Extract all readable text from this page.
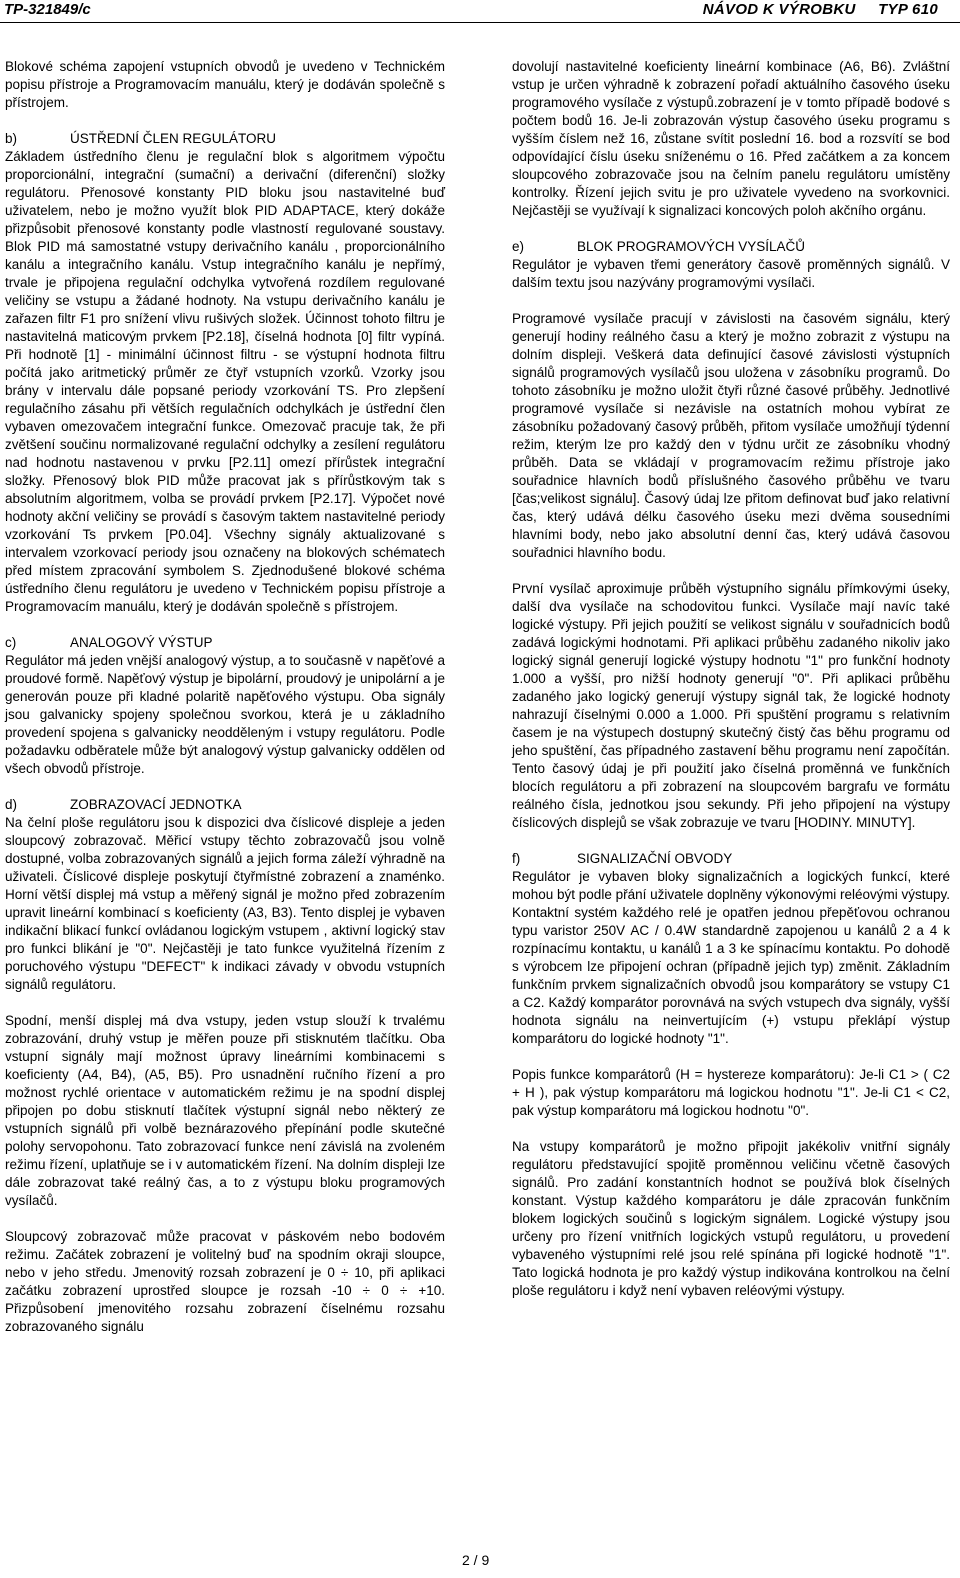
TP-321849/c	NÁVOD K VÝROBKU TYP 610

Blokové schéma zapojení vstupních obvodů je uvedeno v Technickém popisu přístroje a Programovacím manuálu, který je dodáván společně s přístrojem.

b)	ÚSTŘEDNÍ ČLEN REGULÁTORU

Základem ústředního členu je regulační blok s algoritmem výpočtu proporcionální, integrační (sumační) a derivační (diferenční) složky regulátoru. Přenosové konstanty PID bloku jsou nastavitelné buď uživatelem, nebo je možno využít blok PID ADAPTACE, který dokáže přizpůsobit přenosové konstanty podle vlastností regulované soustavy. Blok PID má samostatné vstupy derivačního kanálu , proporcionálního kanálu a integračního kanálu. Vstup integračního kanálu je nepřímý, trvale je připojena regulační odchylka vytvořená rozdílem regulované veličiny se vstupu a žádané hodnoty. Na vstupu derivačního kanálu je zařazen filtr F1 pro snížení vlivu rušivých složek. Účinnost tohoto filtru je nastavitelná maticovým prvkem [P2.18], číselná hodnota [0] filtr vypíná. Při hodnotě [1] - minimální účinnost filtru - se výstupní hodnota filtru počítá jako aritmetický průměr ze čtyř vstupních vzorků. Vzorky jsou brány v intervalu dále popsané periody vzorkování TS. Pro zlepšení regulačního zásahu při větších regulačních odchylkách je ústřední člen vybaven omezovačem integrační funkce. Omezovač pracuje tak, že při zvětšení součinu normalizované regulační odchylky a zesílení regulátoru nad hodnotu nastavenou v prvku [P2.11] omezí přírůstek integrační složky. Přenosový blok PID může pracovat jak s přírůstkovým tak s absolutním algoritmem, volba se provádí prvkem [P2.17]. Výpočet nové hodnoty akční veličiny se provádí s časovým taktem nastavitelné periody vzorkování Ts prvkem [P0.04]. Všechny signály aktualizované s intervalem vzorkovací periody jsou označeny na blokových schématech před místem zpracování symbolem S. Zjednodušené blokové schéma ústředního členu regulátoru je uvedeno v Technickém popisu přístroje a Programovacím manuálu, který je dodáván společně s přístrojem.

c)	ANALOGOVÝ VÝSTUP

Regulátor má jeden vnější analogový výstup, a to současně v napěťové a proudové formě. Napěťový výstup je bipolární, proudový je unipolární a je generován pouze při kladné polaritě napěťového výstupu. Oba signály jsou galvanicky spojeny společnou svorkou, která je u základního provedení spojena s galvanicky neodděleným i vstupy regulátoru. Podle požadavku odběratele může být analogový výstup galvanicky oddělen od všech obvodů přístroje.

d)	ZOBRAZOVACÍ JEDNOTKA

Na čelní ploše regulátoru jsou k dispozici dva číslicové displeje a jeden sloupcový zobrazovač. Měřicí vstupy těchto zobrazovačů jsou volně dostupné, volba zobrazovaných signálů a jejich forma záleží výhradně na uživateli. Číslicové displeje poskytují čtyřmístné zobrazení a znaménko. Horní větší displej má vstup a měřený signál je možno před zobrazením upravit lineární kombinací s koeficienty (A3, B3). Tento displej je vybaven indikační blikací funkcí ovládanou logickým vstupem , aktivní logický stav pro funkci blikání je "0". Nejčastěji je tato funkce využitelná řízením z poruchového výstupu "DEFECT" k indikaci závady v obvodu vstupních signálů regulátoru.

Spodní, menší displej má dva vstupy, jeden vstup slouží k trvalému zobrazování, druhý vstup je měřen pouze při stisknutém tlačítku. Oba vstupní signály mají možnost úpravy lineárními kombinacemi s koeficienty (A4, B4), (A5, B5). Pro usnadnění ručního řízení a pro možnost rychlé orientace v automatickém režimu je na spodní displej připojen po dobu stisknutí tlačítek výstupní signál nebo některý ze vstupních signálů při volbě beznárazového přepínání podle skutečné polohy servopohonu. Tato zobrazovací funkce není závislá na zvoleném režimu řízení, uplatňuje se i v automatickém řízení. Na dolním displeji lze dále zobrazovat také reálný čas, a to z výstupu bloku programových vysílačů.

Sloupcový zobrazovač může pracovat v páskovém nebo bodovém režimu. Začátek zobrazení je volitelný buď na spodním okraji sloupce, nebo v jeho středu. Jmenovitý rozsah zobrazení je 0 ÷ 10, při aplikaci začátku zobrazení uprostřed sloupce je rozsah -10 ÷ 0 ÷ +10. Přizpůsobení jmenovitého rozsahu zobrazení číselnému rozsahu zobrazovaného signálu

dovolují nastavitelné koeficienty lineární kombinace (A6, B6). Zvláštní vstup je určen výhradně k zobrazení pořadí aktuálního časového úseku programového vysílače z výstupů.zobrazení je v tomto případě bodové s počtem bodů 16. Je-li zobrazován výstup časového úseku programu s vyšším číslem než 16, zůstane svítit poslední 16. bod a rozsvítí se bod odpovídající číslu úseku sníženému o 16. Před začátkem a za koncem sloupcového zobrazovače jsou na čelním panelu regulátoru umístěny kontrolky. Řízení jejich svitu je pro uživatele vyvedeno na svorkovnici. Nejčastěji se využívají k signalizaci koncových poloh akčního orgánu.

e)	BLOK PROGRAMOVÝCH VYSÍLAČŮ

Regulátor je vybaven třemi generátory časově proměnných signálů. V dalším textu jsou nazývány programovými vysílači.

Programové vysílače pracují v závislosti na časovém signálu, který generují hodiny reálného času a který je možno zobrazit z výstupu na dolním displeji. Veškerá data definující časové závislosti výstupních signálů programových vysílačů jsou uložena v zásobníku programů. Do tohoto zásobníku je možno uložit čtyři různé časové průběhy. Jednotlivé programové vysílače si nezávisle na ostatních mohou vybírat ze zásobníku požadovaný časový průběh, přitom vysílače umožňují týdenní režim, kterým lze pro každý den v týdnu určit ze zásobníku vhodný průběh. Data se vkládají v programovacím režimu přístroje jako souřadnice hlavních bodů příslušného časového průběhu ve tvaru [čas;velikost signálu]. Časový údaj lze přitom definovat buď jako relativní čas, který udává délku časového úseku mezi dvěma sousedními hlavními body, nebo jako absolutní denní čas, který udává časovou souřadnici hlavního bodu.

První vysílač aproximuje průběh výstupního signálu přímkovými úseky, další dva vysílače na schodovitou funkci. Vysílače mají navíc také logické výstupy. Při jejich použití se velikost signálu v souřadnicích bodů zadává logickými hodnotami. Při aplikaci průběhu zadaného nikoliv jako logický signál generují logické výstupy hodnotu "1" pro funkční hodnoty 1.000 a vyšší, pro nižší hodnoty generují "0". Při aplikaci průběhu zadaného jako logický generují výstupy signál tak, že logické hodnoty nahrazují číselnými 0.000 a 1.000. Při spuštění programu s relativním časem je na výstupech dostupný skutečný čistý čas běhu programu od jeho spuštění, čas případného zastavení běhu programu není započítán. Tento časový údaj je při použití jako číselná proměnná ve funkčních blocích regulátoru a při zobrazení na sloupcovém bargrafu ve formátu reálného čísla, jednotkou jsou sekundy. Při jeho připojení na výstupy číslicových displejů se však zobrazuje ve tvaru [HODINY. MINUTY].

f)	SIGNALIZAČNÍ OBVODY

Regulátor je vybaven bloky signalizačních a logických funkcí, které mohou být podle přání uživatele doplněny výkonovými reléovými výstupy. Kontaktní systém každého relé je opatřen jednou přepěťovou ochranou typu varistor 250V AC / 0.4W standardně zapojenou u kanálů 2 a 4 k rozpínacímu kontaktu, u kanálů 1 a 3 ke spínacímu kontaktu. Po dohodě s výrobcem lze připojení ochran (případně jejich typ) změnit. Základním funkčním prvkem signalizačních obvodů jsou komparátory se vstupy C1 a C2. Každý komparátor porovnává na svých vstupech dva signály, vyšší hodnota signálu na neinvertujícím (+) vstupu překlápí výstup komparátoru do logické hodnoty "1".

Popis funkce komparátorů (H = hystereze komparátoru): Je-li C1 > ( C2 + H ), pak výstup komparátoru má logickou hodnotu "1". Je-li C1 < C2, pak výstup komparátoru má logickou hodnotu "0".

Na vstupy komparátorů je možno připojit jakékoliv vnitřní signály regulátoru představující spojitě proměnnou veličinu včetně časových signálů. Pro zadání konstantních hodnot se používá blok číselných konstant. Výstup každého komparátoru je dále zpracován funkčním blokem logických součinů s logickým signálem. Logické výstupy jsou určeny pro řízení vnitřních logických vstupů regulátoru, u provedení vybaveného výstupními relé jsou relé spínána při logické hodnotě "1". Tato logická hodnota je pro každý výstup indikována kontrolkou na čelní ploše regulátoru i když není vybaven reléovými výstupy.

2 / 9
